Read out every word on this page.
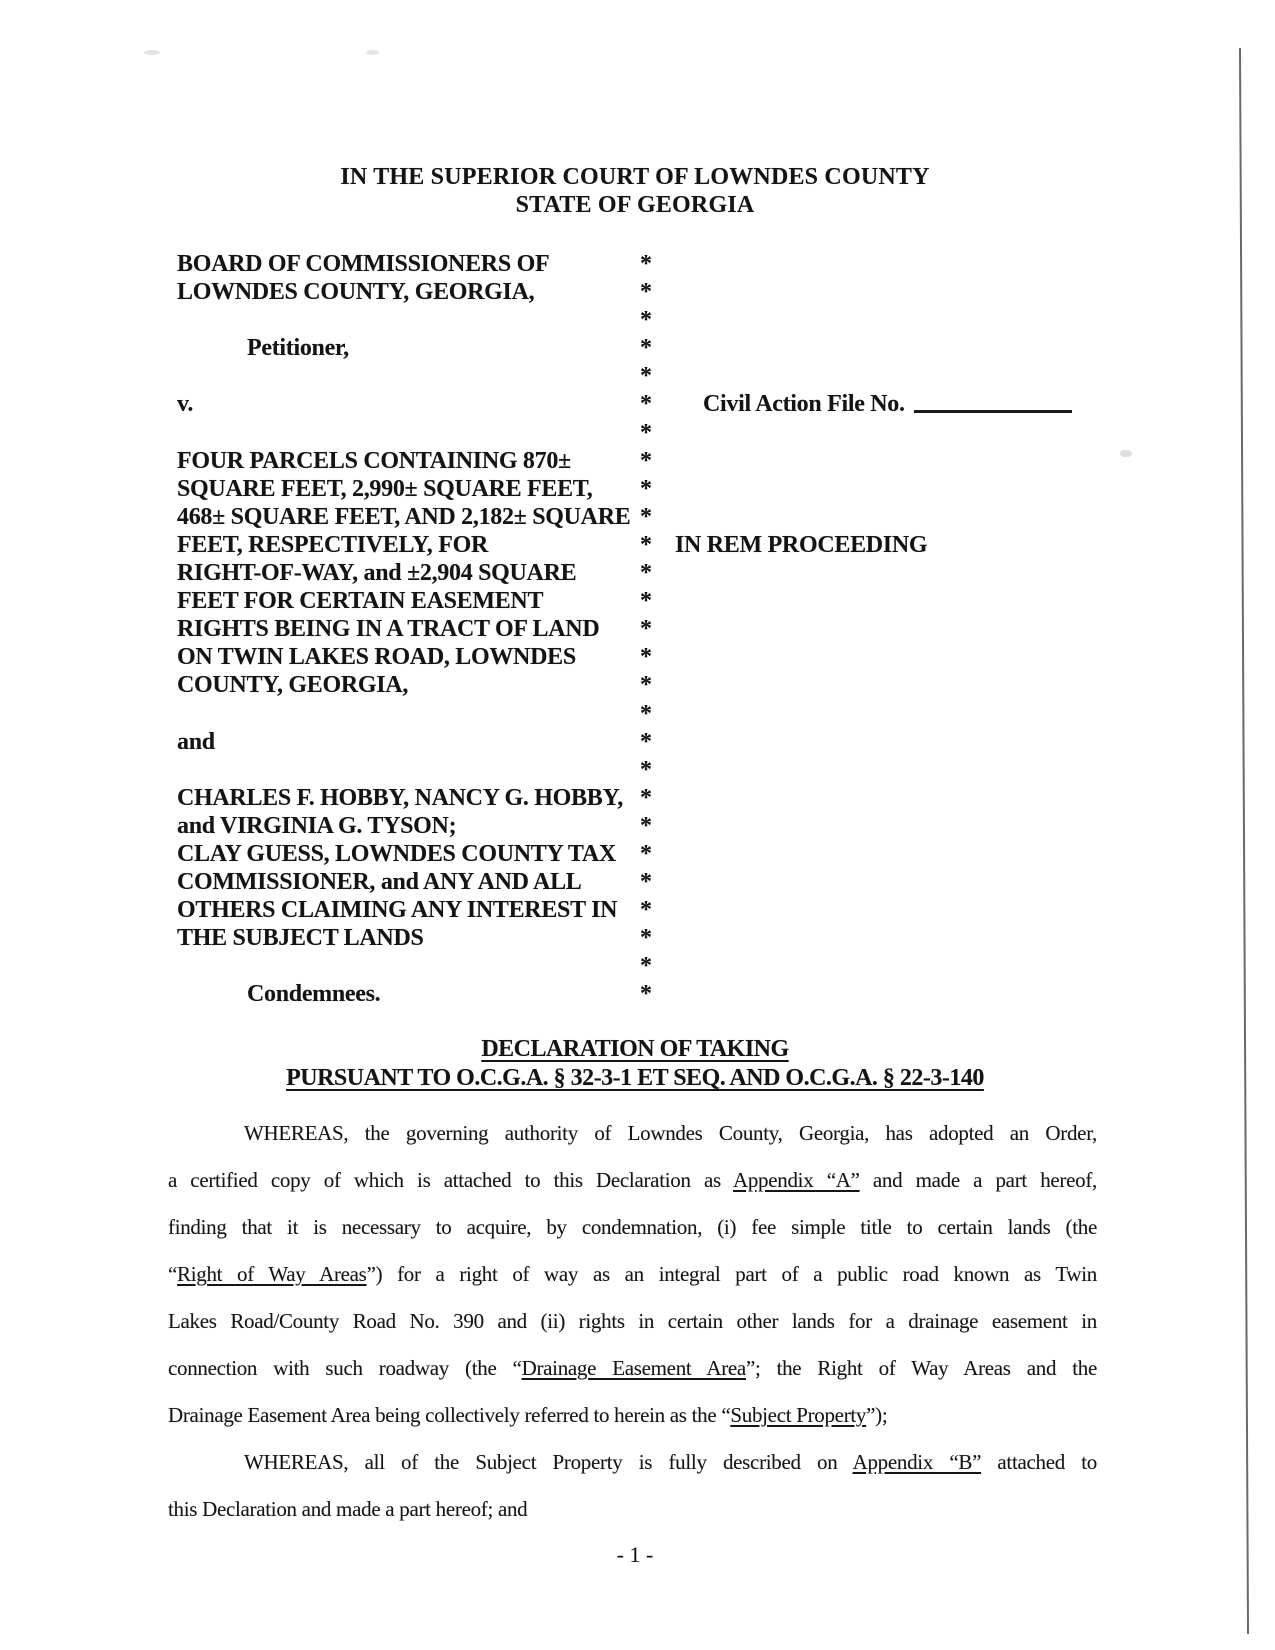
IN THE SUPERIOR COURT OF LOWNDES COUNTY
STATE OF GEORGIA
BOARD OF COMMISSIONERS OF	*
LOWNDES COUNTY, GEORGIA,	*
*
Petitioner,	*
*
v.	* Civil Action File No.
*
FOUR PARCELS CONTAINING 870±	*
SQUARE FEET, 2,990± SQUARE FEET, *
468± SQUARE FEET, AND 2,182± SQUARE *
FEET, RESPECTIVELY, FOR	* IN REM PROCEEDING
RIGHT-OF-WAY, and ±2,904 SQUARE	*
FEET FOR CERTAIN EASEMENT	*
RIGHTS BEING IN A TRACT OF LAND *
ON TWIN LAKES ROAD, LOWNDES	*
COUNTY, GEORGIA,	*
*
and	*
*
CHARLES F. HOBBY, NANCY G. HOBBY, *
and VIRGINIA G. TYSON;	*
CLAY GUESS, LOWNDES COUNTY TAX *
COMMISSIONER, and ANY AND ALL *
OTHERS CLAIMING ANY INTEREST IN *
THE SUBJECT LANDS	*
*
Condemnees.	*
DECLARATION OF TAKING
PURSUANT TO O.C.G.A. § 32-3-1 ET SEQ. AND O.C.G.A. § 22-3-140
WHEREAS, the governing authority of Lowndes County, Georgia, has adopted an Order,
a certified copy of which is attached to this Declaration as Appendix “A” and made a part hereof,
finding that it is necessary to acquire, by condemnation, (i) fee simple title to certain lands (the
“Right of Way Areas”) for a right of way as an integral part of a public road known as Twin
Lakes Road/County Road No. 390 and (ii) rights in certain other lands for a drainage easement in
connection with such roadway (the “Drainage Easement Area”; the Right of Way Areas and the
Drainage Easement Area being collectively referred to herein as the “Subject Property”);
WHEREAS, all of the Subject Property is fully described on Appendix “B” attached to
this Declaration and made a part hereof; and
- 1 -
